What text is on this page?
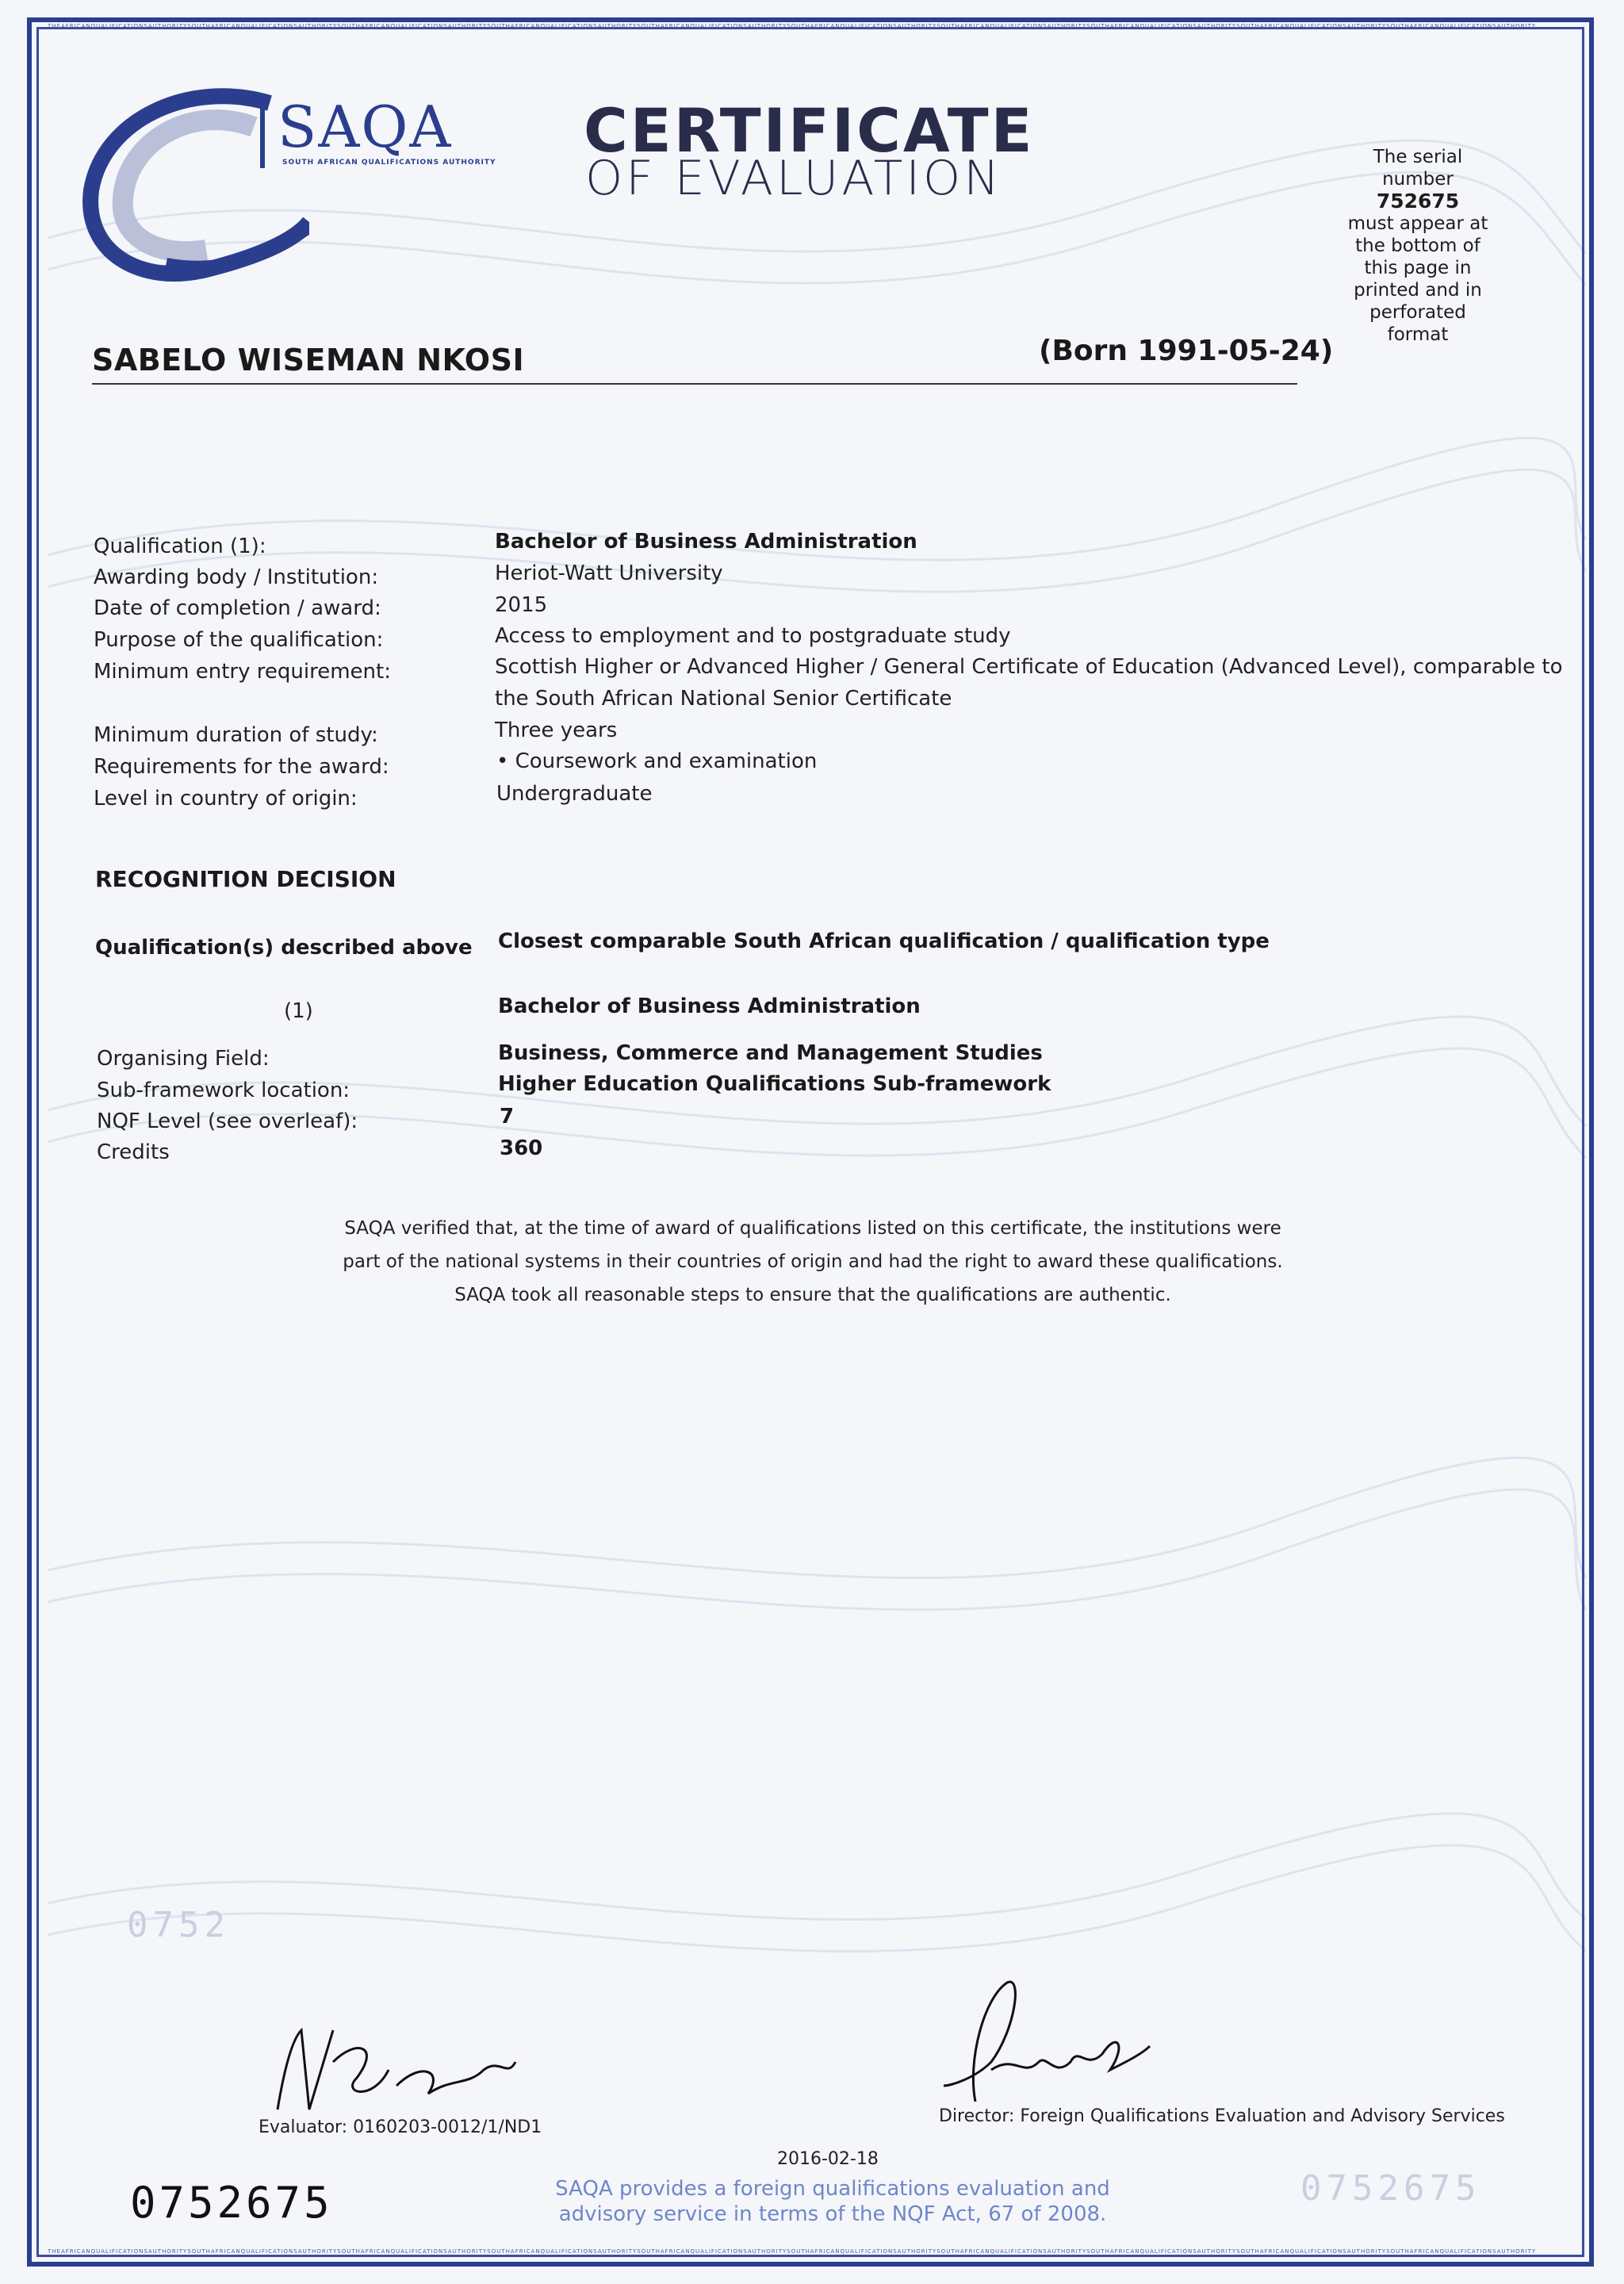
THEAFRICANQUALIFICATIONSAUTHORITYSOUTHAFRICANQUALIFICATIONSAUTHORITYSOUTHAFRICANQUALIFICATIONSAUTHORITYSOUTHAFRICANQUALIFICATIONSAUTHORITYSOUTHAFRICANQUALIFICATIONSAUTHORITYSOUTHAFRICANQUALIFICATIONSAUTHORITYSOUTHAFRICANQUALIFICATIONSAUTHORITYSOUTHAFRICANQUALIFICATIONSAUTHORITYSOUTHAFRICANQUALIFICATIONSAUTHORITYSOUTHAFRICANQUALIFICATIONSAUTHORITY
THEAFRICANQUALIFICATIONSAUTHORITYSOUTHAFRICANQUALIFICATIONSAUTHORITYSOUTHAFRICANQUALIFICATIONSAUTHORITYSOUTHAFRICANQUALIFICATIONSAUTHORITYSOUTHAFRICANQUALIFICATIONSAUTHORITYSOUTHAFRICANQUALIFICATIONSAUTHORITYSOUTHAFRICANQUALIFICATIONSAUTHORITYSOUTHAFRICANQUALIFICATIONSAUTHORITYSOUTHAFRICANQUALIFICATIONSAUTHORITYSOUTHAFRICANQUALIFICATIONSAUTHORITY
SAQA
SOUTH AFRICAN QUALIFICATIONS AUTHORITY CERTIFICATE
OF EVALUATION	The serial
number
752675
must appear at
the bottom of
this page in
printed and in
perforated
format
SABELO WISEMAN NKOSI	(Born 1991-05-24)
Qualification (1):	Bachelor of Business Administration
Awarding body / Institution:	Heriot-Watt University
Date of completion / award:	2015
Purpose of the qualification:	Access to employment and to postgraduate study
Minimum entry requirement:	Scottish Higher or Advanced Higher / General Certificate of Education (Advanced Level), comparable to
the South African National Senior Certificate
Minimum duration of study:	Three years
Requirements for the award:	• Coursework and examination
Level in country of origin:	Undergraduate
RECOGNITION DECISION
Qualification(s) described above Closest comparable South African qualification / qualification type
(1)	Bachelor of Business Administration
Organising Field:	Business, Commerce and Management Studies
Sub-framework location:	Higher Education Qualifications Sub-framework
NQF Level (see overleaf):	7
Credits	360
SAQA verified that, at the time of award of qualifications listed on this certificate, the institutions were
part of the national systems in their countries of origin and had the right to award these qualifications.
SAQA took all reasonable steps to ensure that the qualifications are authentic.
0752
Evaluator: 0160203-0012/1/ND1
Director: Foreign Qualifications Evaluation and Advisory Services
2016-02-18
0752675	SAQA provides a foreign qualifications evaluation and
advisory service in terms of the NQF Act, 67 of 2008.
0752675
